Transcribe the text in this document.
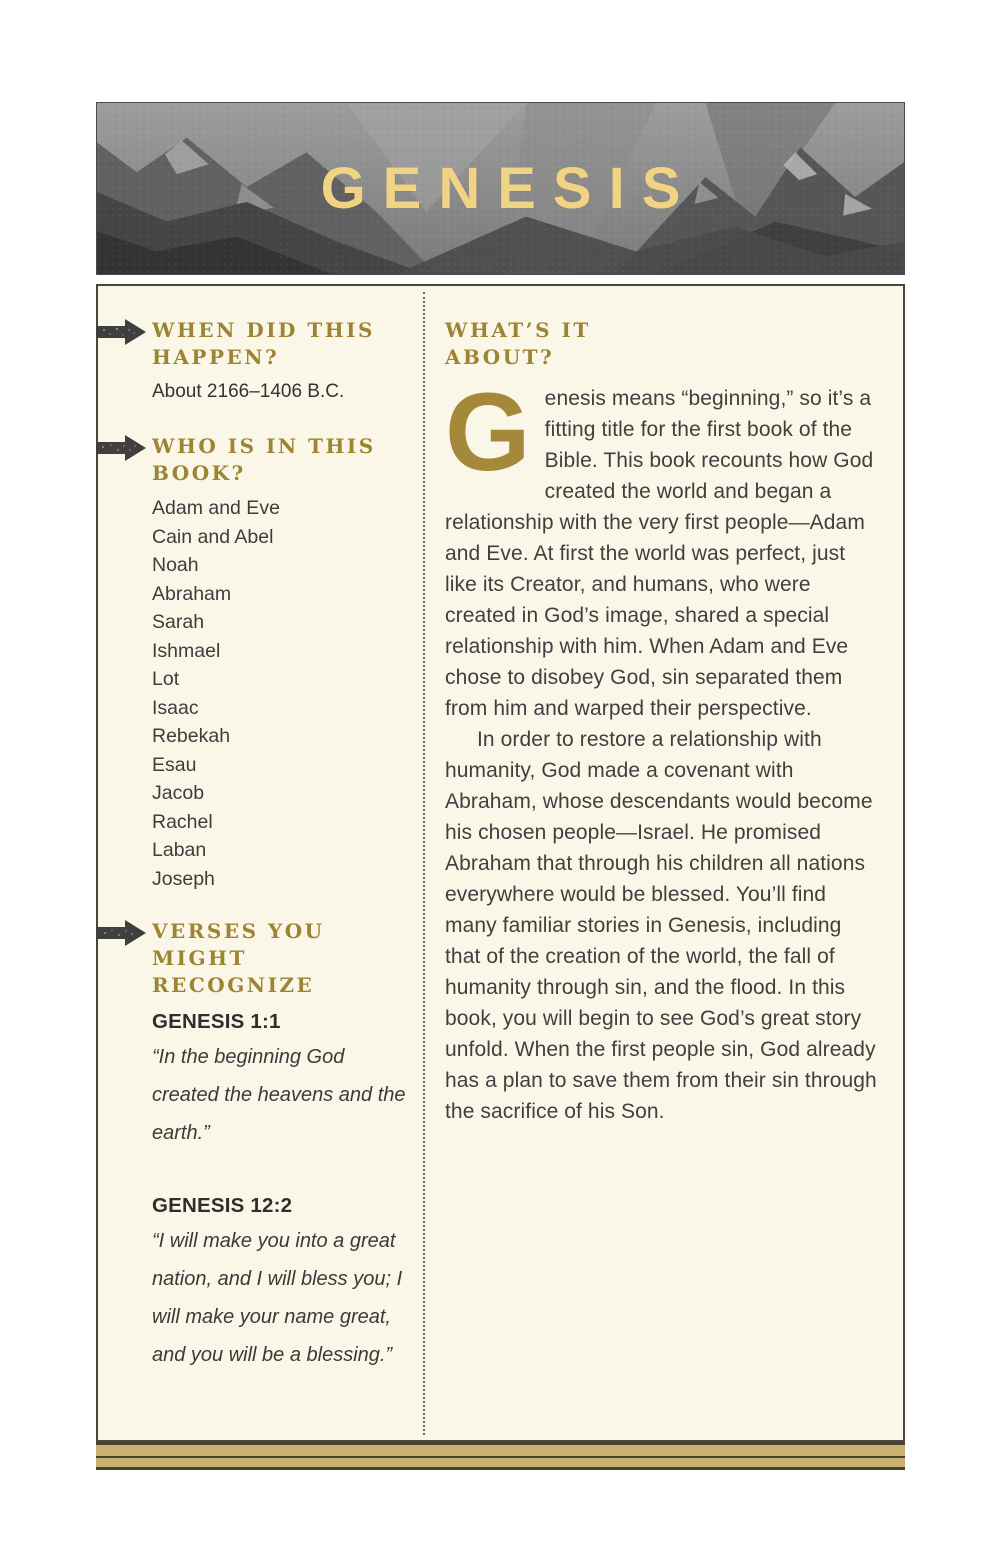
GENESIS
WHEN DID THIS HAPPEN?

About 2166–1406 B.C.

WHO IS IN THIS BOOK?
Adam and Eve
Cain and Abel
Noah
Abraham
Sarah
Ishmael
Lot
Isaac
Rebekah
Esau
Jacob
Rachel
Laban
Joseph
VERSES YOU MIGHT RECOGNIZE
GENESIS 1:1

“In the beginning God created the heavens and the earth.”

GENESIS 12:2

“I will make you into a great nation, and I will bless you; I will make your name great, and you will be a blessing.”

WHAT’S IT ABOUT?

Genesis means “beginning,” so it’s a fitting title for the first book of the Bible. This book recounts how God created the world and began a relationship with the very first people—Adam and Eve. At first the world was perfect, just like its Creator, and humans, who were created in God’s image, shared a special relationship with him. When Adam and Eve chose to disobey God, sin separated them from him and warped their perspective.

In order to restore a relationship with humanity, God made a covenant with Abraham, whose descendants would become his chosen people—Israel. He promised Abraham that through his children all nations everywhere would be blessed. You’ll find many familiar stories in Genesis, including that of the creation of the world, the fall of humanity through sin, and the flood. In this book, you will begin to see God’s great story unfold. When the first people sin, God already has a plan to save them from their sin through the sacrifice of his Son.
